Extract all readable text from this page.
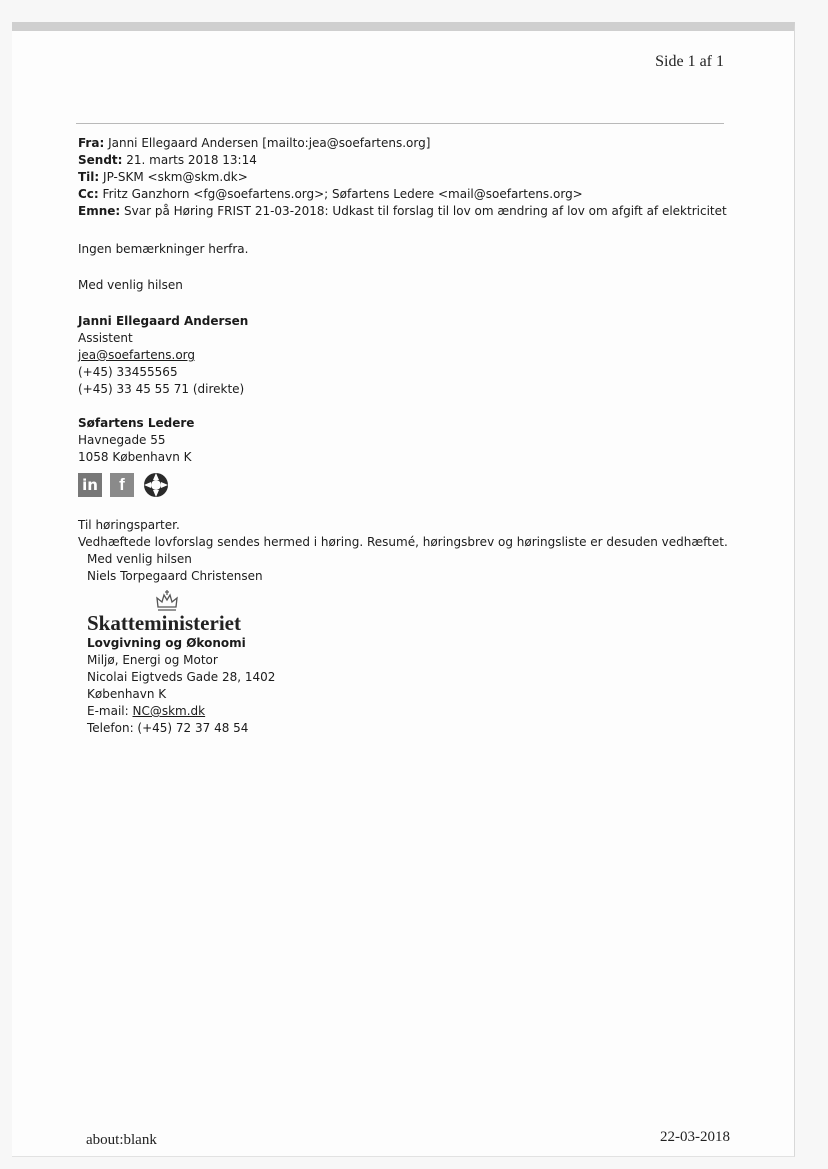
Side 1 af 1
Fra: Janni Ellegaard Andersen [mailto:jea@soefartens.org]
Sendt: 21. marts 2018 13:14
Til: JP-SKM <skm@skm.dk>
Cc: Fritz Ganzhorn <fg@soefartens.org>; Søfartens Ledere <mail@soefartens.org>
Emne: Svar på Høring FRIST 21-03-2018: Udkast til forslag til lov om ændring af lov om afgift af elektricitet

Ingen bemærkninger herfra.

Med venlig hilsen

Janni Ellegaard Andersen
Assistent
jea@soefartens.org
(+45) 33455565
(+45) 33 45 55 71 (direkte)
Søfartens Ledere
Havnegade 55
1058 København K
in	f
Til høringsparter.
Vedhæftede lovforslag sendes hermed i høring. Resumé, høringsbrev og høringsliste er desuden vedhæftet.
Med venlig hilsen
Niels Torpegaard Christensen
Skatteministeriet
Lovgivning og Økonomi
Miljø, Energi og Motor
Nicolai Eigtveds Gade 28, 1402
København K
E-mail: NC@skm.dk
Telefon: (+45) 72 37 48 54
about:blank	22-03-2018
